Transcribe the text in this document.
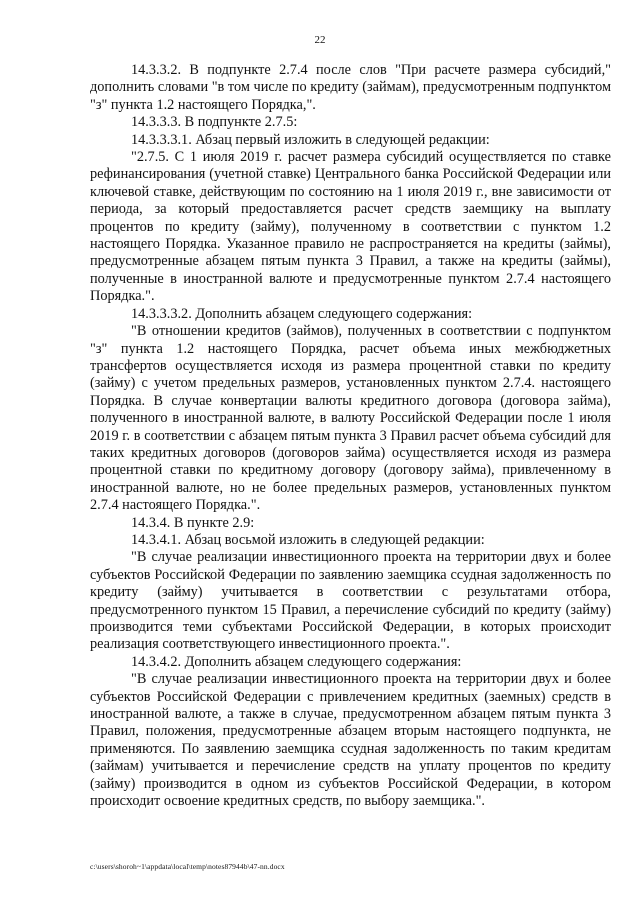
22

14.3.3.2. В подпункте 2.7.4 после слов "При расчете размера субсидий," дополнить словами "в том числе по кредиту (займам), предусмотренным подпунктом "з" пункта 1.2 настоящего Порядка,".

14.3.3.3. В подпункте 2.7.5:

14.3.3.3.1. Абзац первый изложить в следующей редакции:

"2.7.5. С 1 июля 2019 г. расчет размера субсидий осуществляется по ставке рефинансирования (учетной ставке) Центрального банка Российской Федерации или ключевой ставке, действующим по состоянию на 1 июля 2019 г., вне зависимости от периода, за который предоставляется расчет средств заемщику на выплату процентов по кредиту (займу), полученному в соответствии с пунктом 1.2 настоящего Порядка. Указанное правило не распространяется на кредиты (займы), предусмотренные абзацем пятым пункта 3 Правил, а также на кредиты (займы), полученные в иностранной валюте и предусмотренные пунктом 2.7.4 настоящего Порядка.".

14.3.3.3.2. Дополнить абзацем следующего содержания:

"В отношении кредитов (займов), полученных в соответствии с подпунктом "з" пункта 1.2 настоящего Порядка, расчет объема иных межбюджетных трансфертов осуществляется исходя из размера процентной ставки по кредиту (займу) с учетом предельных размеров, установленных пунктом 2.7.4. настоящего Порядка. В случае конвертации валюты кредитного договора (договора займа), полученного в иностранной валюте, в валюту Российской Федерации после 1 июля 2019 г. в соответствии с абзацем пятым пункта 3 Правил расчет объема субсидий для таких кредитных договоров (договоров займа) осуществляется исходя из размера процентной ставки по кредитному договору (договору займа), привлеченному в иностранной валюте, но не более предельных размеров, установленных пунктом 2.7.4 настоящего Порядка.".

14.3.4. В пункте 2.9:

14.3.4.1. Абзац восьмой изложить в следующей редакции:

"В случае реализации инвестиционного проекта на территории двух и более субъектов Российской Федерации по заявлению заемщика ссудная задолженность по кредиту (займу) учитывается в соответствии с результатами отбора, предусмотренного пунктом 15 Правил, а перечисление субсидий по кредиту (займу) производится теми субъектами Российской Федерации, в которых происходит реализация соответствующего инвестиционного проекта.".

14.3.4.2. Дополнить абзацем следующего содержания:

"В случае реализации инвестиционного проекта на территории двух и более субъектов Российской Федерации с привлечением кредитных (заемных) средств в иностранной валюте, а также в случае, предусмотренном абзацем пятым пункта 3 Правил, положения, предусмотренные абзацем вторым настоящего подпункта, не применяются. По заявлению заемщика ссудная задолженность по таким кредитам (займам) учитывается и перечисление средств на уплату процентов по кредиту (займу) производится в одном из субъектов Российской Федерации, в котором происходит освоение кредитных средств, по выбору заемщика.".

c:\users\shoroh~1\appdata\local\temp\notes87944b\47-nn.docx
